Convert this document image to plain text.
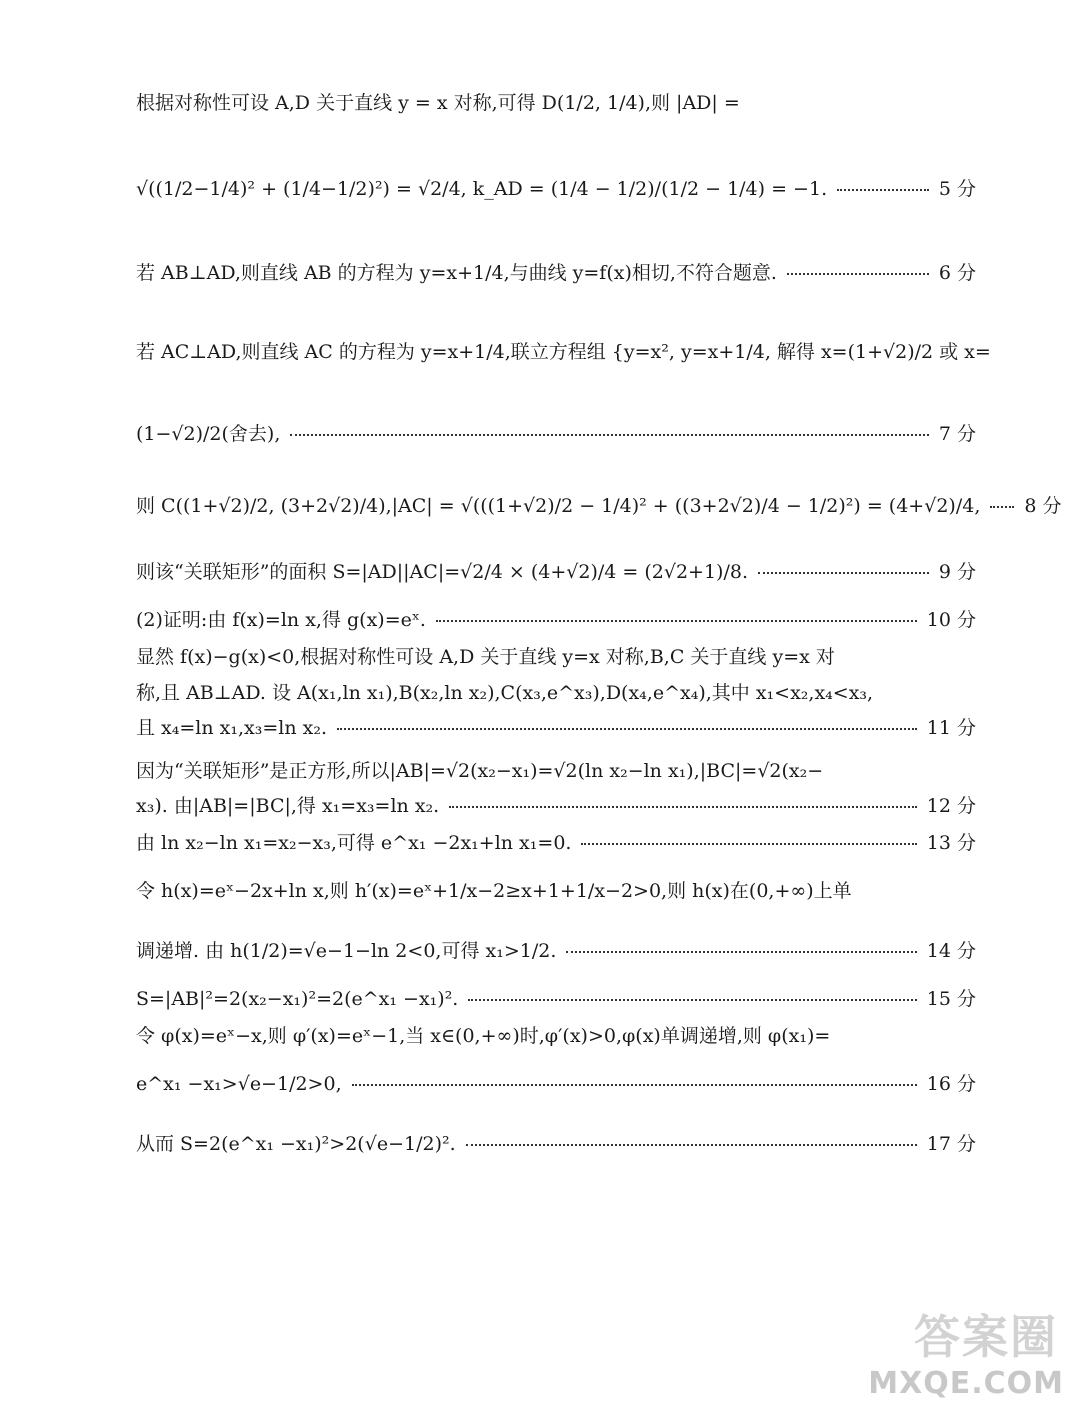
根据对称性可设 A,D 关于直线 y = x 对称,可得 D(1/2, 1/4),则 |AD| =
√((1/2−1/4)² + (1/4−1/2)²) = √2/4, k_AD = (1/4 − 1/2)/(1/2 − 1/4) = −1.	5 分
若 AB⊥AD,则直线 AB 的方程为 y=x+1/4,与曲线 y=f(x)相切,不符合题意.	6 分
若 AC⊥AD,则直线 AC 的方程为 y=x+1/4,联立方程组 {y=x², y=x+1/4, 解得 x=(1+√2)/2 或 x=
(1−√2)/2(舍去),	7 分
则 C((1+√2)/2, (3+2√2)/4),|AC| = √(((1+√2)/2 − 1/4)² + ((3+2√2)/4 − 1/2)²) = (4+√2)/4, 8 分
则该“关联矩形”的面积 S=|AD||AC|=√2/4 × (4+√2)/4 = (2√2+1)/8.	9 分
(2)证明:由 f(x)=ln x,得 g(x)=eˣ.	10 分
显然 f(x)−g(x)<0,根据对称性可设 A,D 关于直线 y=x 对称,B,C 关于直线 y=x 对
称,且 AB⊥AD. 设 A(x₁,ln x₁),B(x₂,ln x₂),C(x₃,e^x₃),D(x₄,e^x₄),其中 x₁<x₂,x₄<x₃,
且 x₄=ln x₁,x₃=ln x₂.	11 分
因为“关联矩形”是正方形,所以|AB|=√2(x₂−x₁)=√2(ln x₂−ln x₁),|BC|=√2(x₂−
x₃). 由|AB|=|BC|,得 x₁=x₃=ln x₂.	12 分
由 ln x₂−ln x₁=x₂−x₃,可得 e^x₁ −2x₁+ln x₁=0.	13 分
令 h(x)=eˣ−2x+ln x,则 h′(x)=eˣ+1/x−2≥x+1+1/x−2>0,则 h(x)在(0,+∞)上单
调递增. 由 h(1/2)=√e−1−ln 2<0,可得 x₁>1/2.	14 分
S=|AB|²=2(x₂−x₁)²=2(e^x₁ −x₁)².	15 分
令 φ(x)=eˣ−x,则 φ′(x)=eˣ−1,当 x∈(0,+∞)时,φ′(x)>0,φ(x)单调递增,则 φ(x₁)=
e^x₁ −x₁>√e−1/2>0,	16 分
从而 S=2(e^x₁ −x₁)²>2(√e−1/2)².	17 分
答案圈
MXQE.COM
